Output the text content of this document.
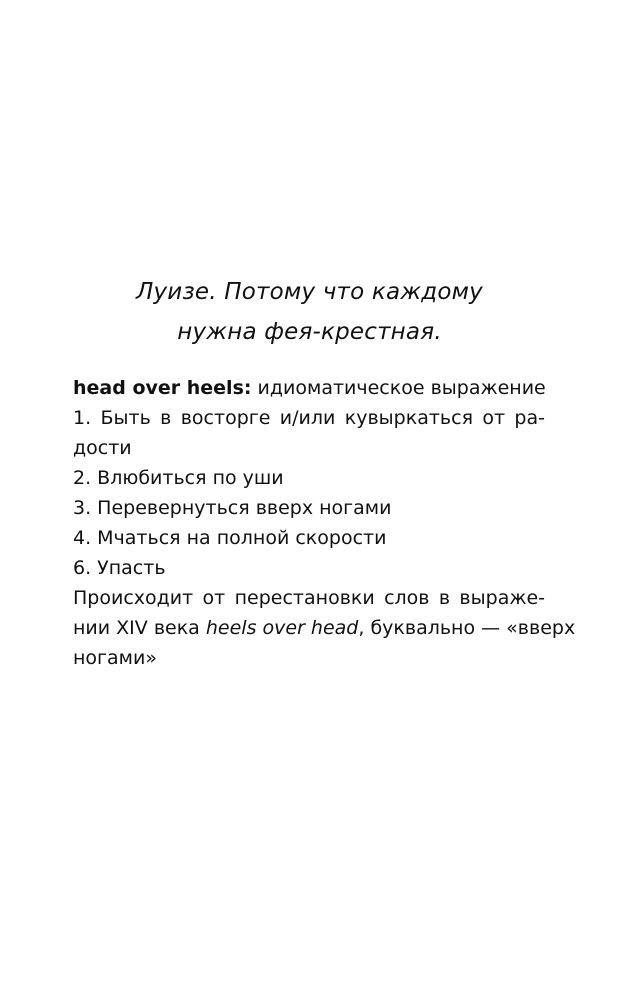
Луизе. Потому что каждому
нужна фея-крестная.
head over heels: идиоматическое выражение
1. Быть в восторге и/или кувыркаться от ра-
дости
2. Влюбиться по уши
3. Перевернуться вверх ногами
4. Мчаться на полной скорости
6. Упасть
Происходит от перестановки слов в выраже-
нии XIV века heels over head, буквально — «вверх
ногами»
